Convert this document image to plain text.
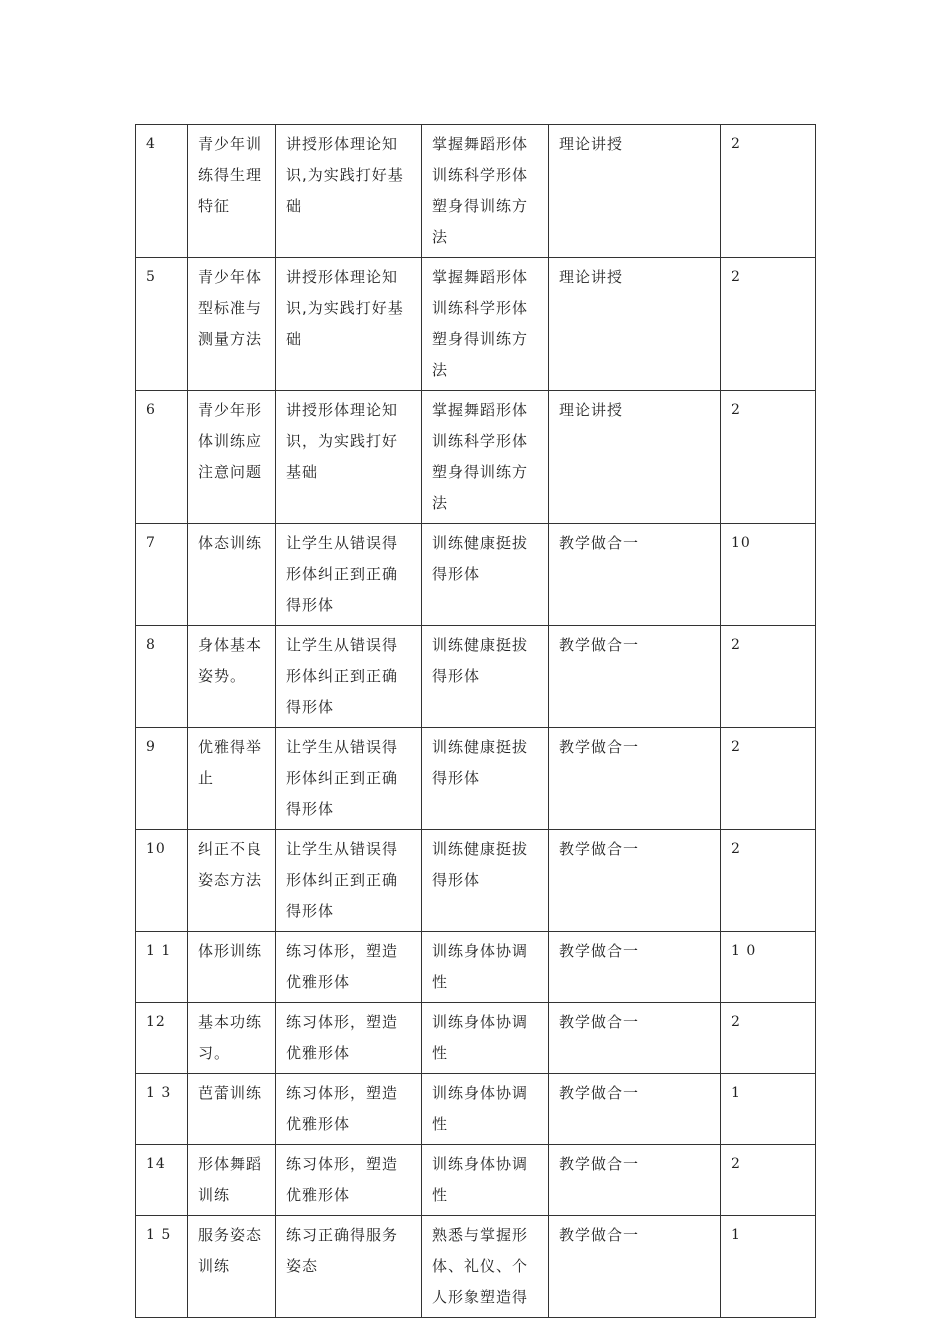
4	青少年训练得生理特征	讲授形体理论知识,为实践打好基础	掌握舞蹈形体训练科学形体塑身得训练方法	理论讲授	2
5	青少年体型标准与测量方法	讲授形体理论知识,为实践打好基础	掌握舞蹈形体训练科学形体塑身得训练方法	理论讲授	2
6	青少年形体训练应注意问题	讲授形体理论知识，为实践打好基础	掌握舞蹈形体训练科学形体塑身得训练方法	理论讲授	2
7	体态训练	让学生从错误得形体纠正到正确得形体	训练健康挺拔得形体	教学做合一	10
8	身体基本姿势。	让学生从错误得形体纠正到正确得形体	训练健康挺拔得形体	教学做合一	2
9	优雅得举止	让学生从错误得形体纠正到正确得形体	训练健康挺拔得形体	教学做合一	2
10	纠正不良姿态方法	让学生从错误得形体纠正到正确得形体	训练健康挺拔得形体	教学做合一	2
1 1	体形训练	练习体形，塑造优雅形体	训练身体协调性	教学做合一	1 0
12	基本功练习。	练习体形，塑造优雅形体	训练身体协调性	教学做合一	2
1 3	芭蕾训练	练习体形，塑造优雅形体	训练身体协调性	教学做合一	1
14	形体舞蹈训练	练习体形，塑造优雅形体	训练身体协调性	教学做合一	2
1 5	服务姿态训练	练习正确得服务姿态	熟悉与掌握形体、礼仪、个人形象塑造得	教学做合一	1
